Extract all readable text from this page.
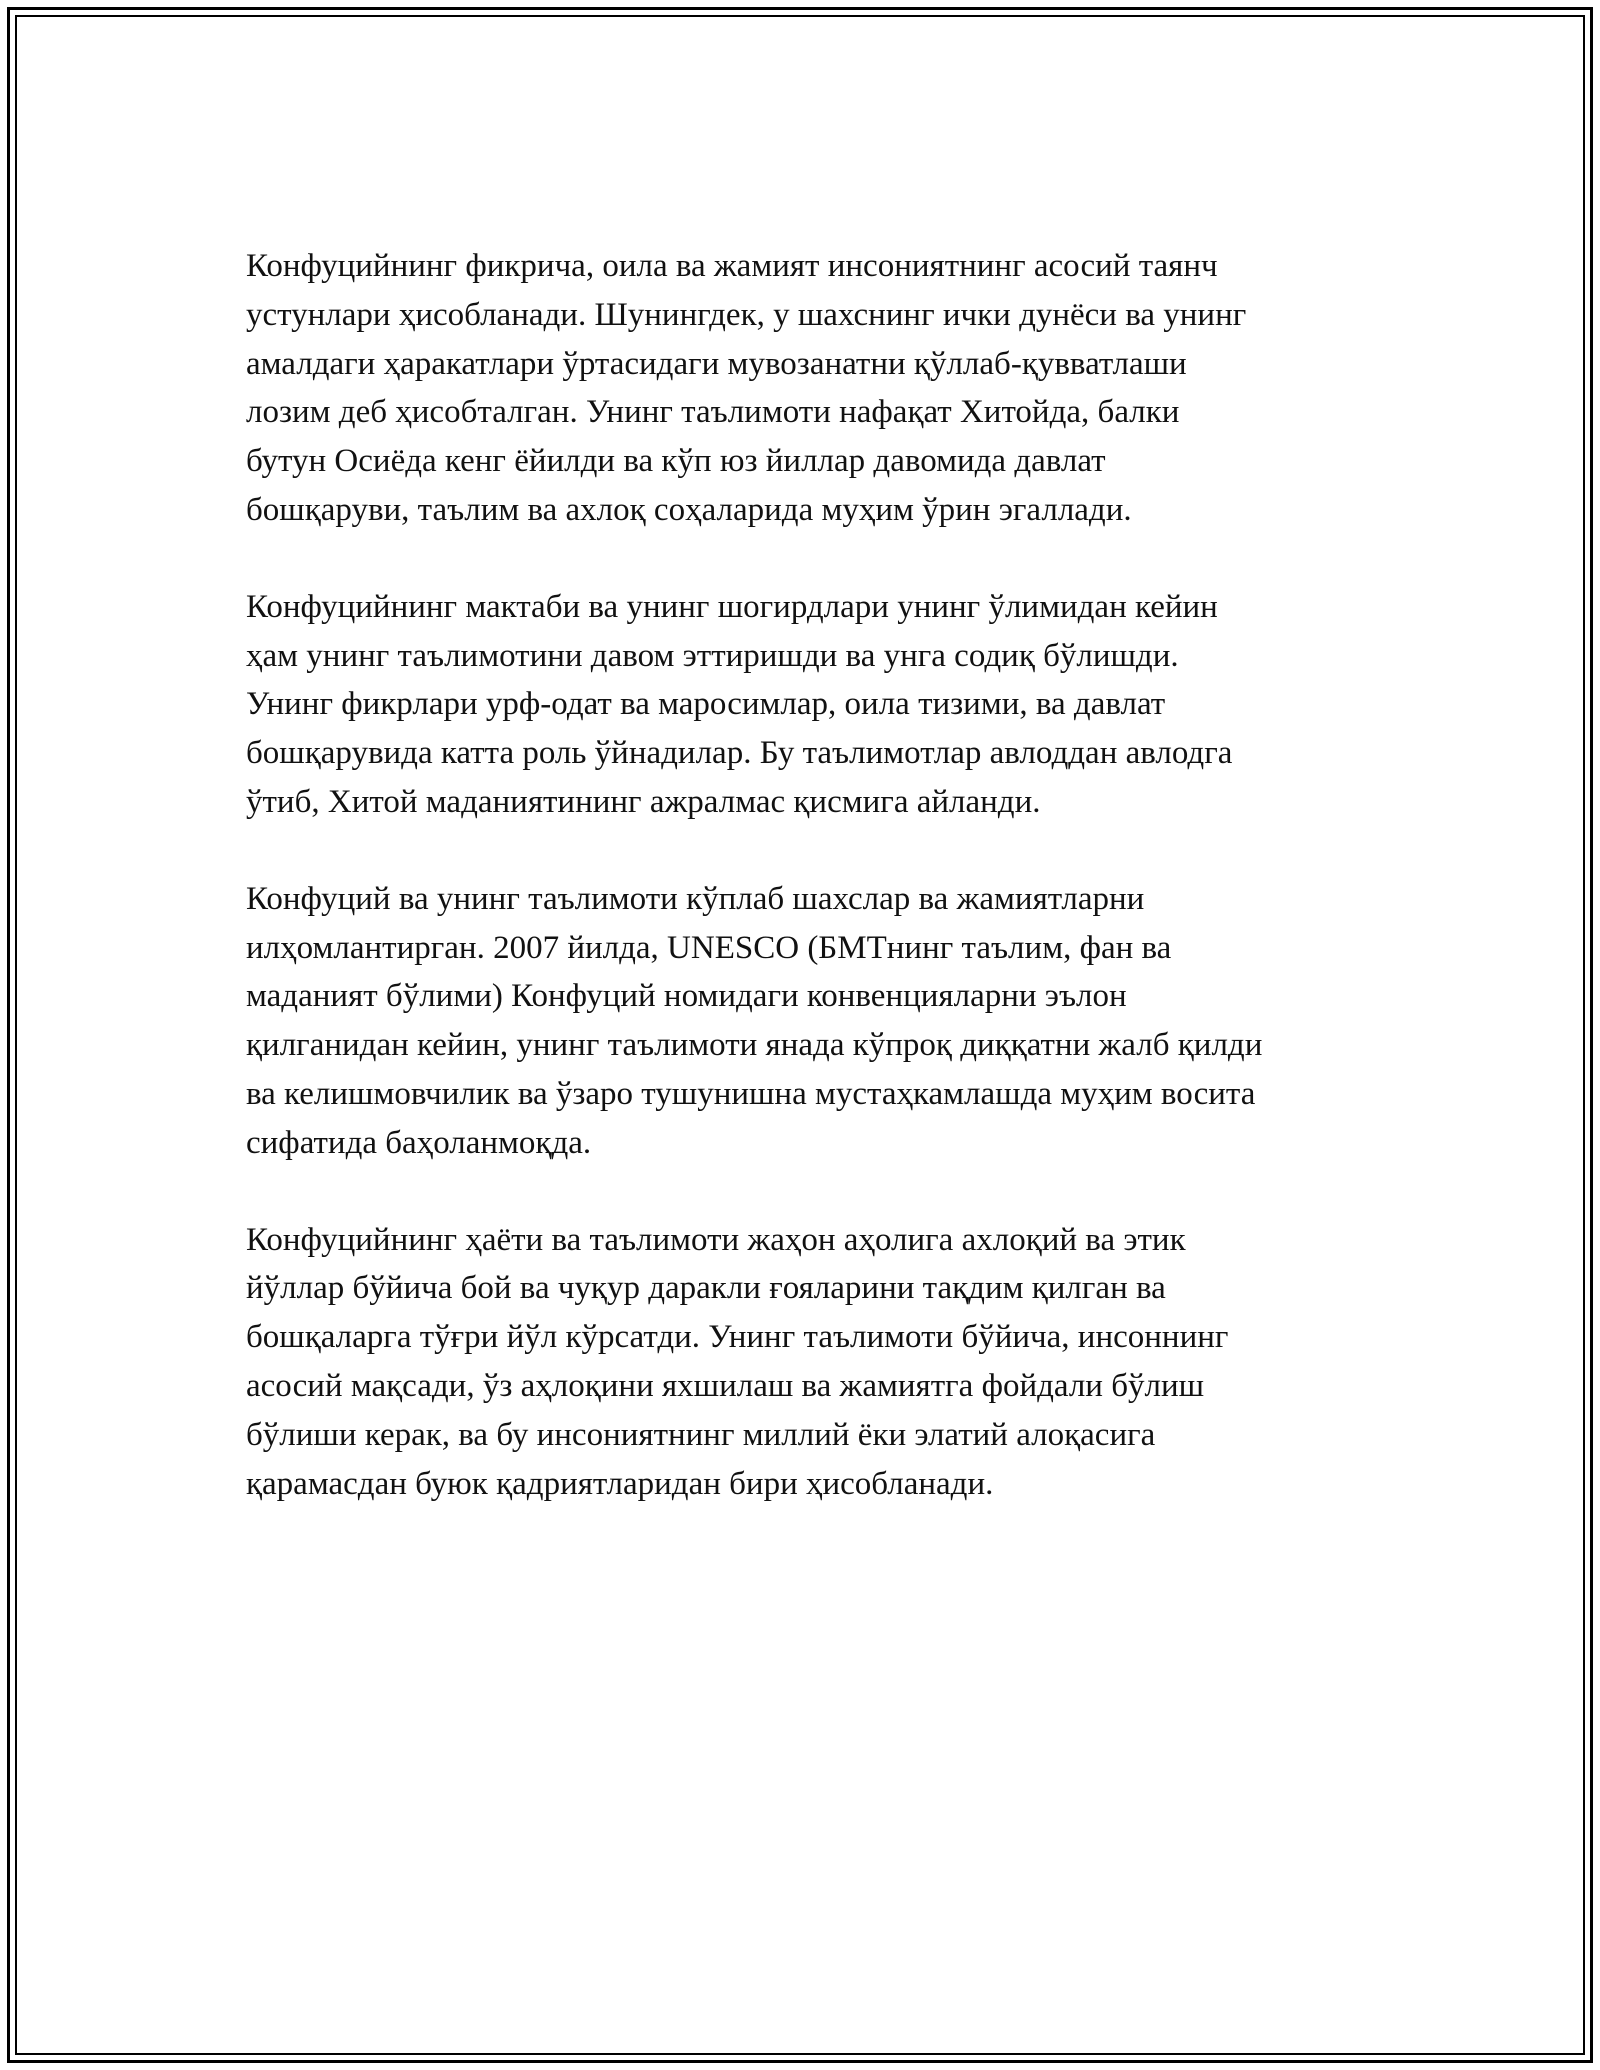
Конфуцийнинг фикрича, оила ва жамият инсониятнинг асосий таянч
устунлари ҳисобланади. Шунингдек, у шахснинг ички дунёси ва унинг
амалдаги ҳаракатлари ўртасидаги мувозанатни қўллаб-қувватлаши
лозим деб ҳисобталган. Унинг таълимоти нафақат Хитойда, балки
бутун Осиёда кенг ёйилди ва кўп юз йиллар давомида давлат
бошқаруви, таълим ва ахлоқ соҳаларида муҳим ўрин эгаллади.

Конфуцийнинг мактаби ва унинг шогирдлари унинг ўлимидан кейин
ҳам унинг таълимотини давом эттиришди ва унга содиқ бўлишди.
Унинг фикрлари урф-одат ва маросимлар, оила тизими, ва давлат
бошқарувида катта роль ўйнадилар. Бу таълимотлар авлоддан авлодга
ўтиб, Хитой маданиятининг ажралмас қисмига айланди.

Конфуций ва унинг таълимоти кўплаб шахслар ва жамиятларни
илҳомлантирган. 2007 йилда, UNESCO (БМТнинг таълим, фан ва
маданият бўлими) Конфуций номидаги конвенцияларни эълон
қилганидан кейин, унинг таълимоти янада кўпроқ диққатни жалб қилди
ва келишмовчилик ва ўзаро тушунишна мустаҳкамлашда муҳим восита
сифатида баҳоланмоқда.

Конфуцийнинг ҳаёти ва таълимоти жаҳон аҳолига ахлоқий ва этик
йўллар бўйича бой ва чуқур даракли ғояларини тақдим қилган ва
бошқаларга тўғри йўл кўрсатди. Унинг таълимоти бўйича, инсоннинг
асосий мақсади, ўз аҳлоқини яхшилаш ва жамиятга фойдали бўлиш
бўлиши керак, ва бу инсониятнинг миллий ёки элатий алоқасига
қарамасдан буюк қадриятларидан бири ҳисобланади.
